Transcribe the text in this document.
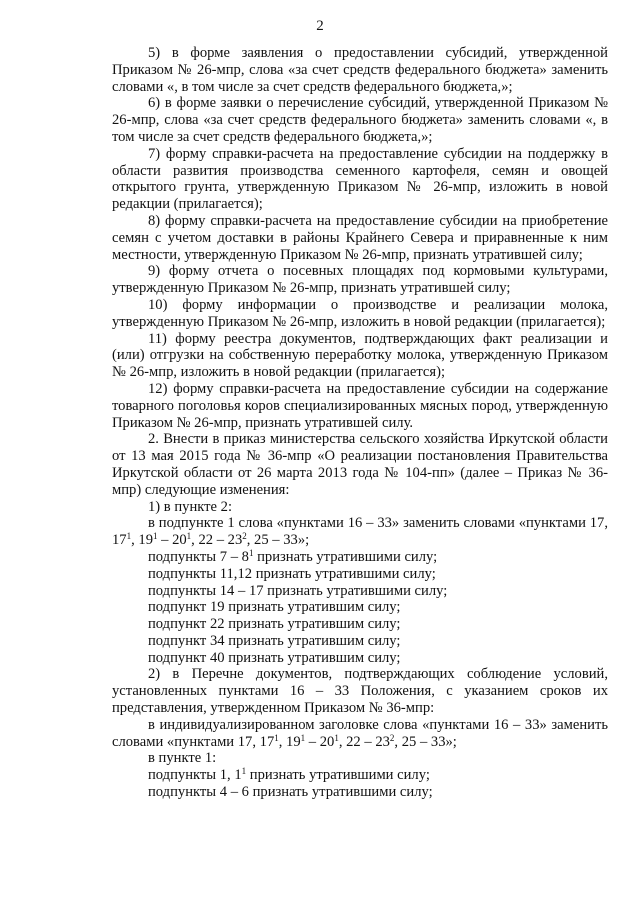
2

5) в форме заявления о предоставлении субсидий, утвержденной Приказом № 26-мпр, слова «за счет средств федерального бюджета» заменить словами «, в том числе за счет средств федерального бюджета,»;

6) в форме заявки о перечисление субсидий, утвержденной Приказом № 26-мпр, слова «за счет средств федерального бюджета» заменить словами «, в том числе за счет средств федерального бюджета,»;

7) форму справки-расчета на предоставление субсидии на поддержку в области развития производства семенного картофеля, семян и овощей открытого грунта, утвержденную Приказом № 26-мпр, изложить в новой редакции (прилагается);

8) форму справки-расчета на предоставление субсидии на приобретение семян с учетом доставки в районы Крайнего Севера и приравненные к ним местности, утвержденную Приказом № 26-мпр, признать утратившей силу;

9) форму отчета о посевных площадях под кормовыми культурами, утвержденную Приказом № 26-мпр, признать утратившей силу;

10) форму информации о производстве и реализации молока, утвержденную Приказом № 26-мпр, изложить в новой редакции (прилагается);

11) форму реестра документов, подтверждающих факт реализации и (или) отгрузки на собственную переработку молока, утвержденную Приказом № 26-мпр, изложить в новой редакции (прилагается);

12) форму справки-расчета на предоставление субсидии на содержание товарного поголовья коров специализированных мясных пород, утвержденную Приказом № 26-мпр, признать утратившей силу.

2. Внести в приказ министерства сельского хозяйства Иркутской области от 13 мая 2015 года № 36-мпр «О реализации постановления Правительства Иркутской области от 26 марта 2013 года № 104-пп» (далее – Приказ № 36-мпр) следующие изменения:

1) в пункте 2:

в подпункте 1 слова «пунктами 16 – 33» заменить словами «пунктами 17, $17^1$, $19^1 - 20^1$, $22 - 23^2$, 25 – 33»;

подпункты $7 - 8^1$ признать утратившими силу;

подпункты 11,12 признать утратившими силу;

подпункты 14 – 17 признать утратившими силу;

подпункт 19 признать утратившим силу;

подпункт 22 признать утратившим силу;

подпункт 34 признать утратившим силу;

подпункт 40 признать утратившим силу;

2) в Перечне документов, подтверждающих соблюдение условий, установленных пунктами 16 – 33 Положения, с указанием сроков их представления, утвержденном Приказом № 36-мпр:

в индивидуализированном заголовке слова «пунктами 16 – 33» заменить словами «пунктами 17, $17^1$, $19^1 - 20^1$, $22 - 23^2$, 25 – 33»;

в пункте 1:

подпункты 1, $1^1$ признать утратившими силу;

подпункты 4 – 6 признать утратившими силу;
